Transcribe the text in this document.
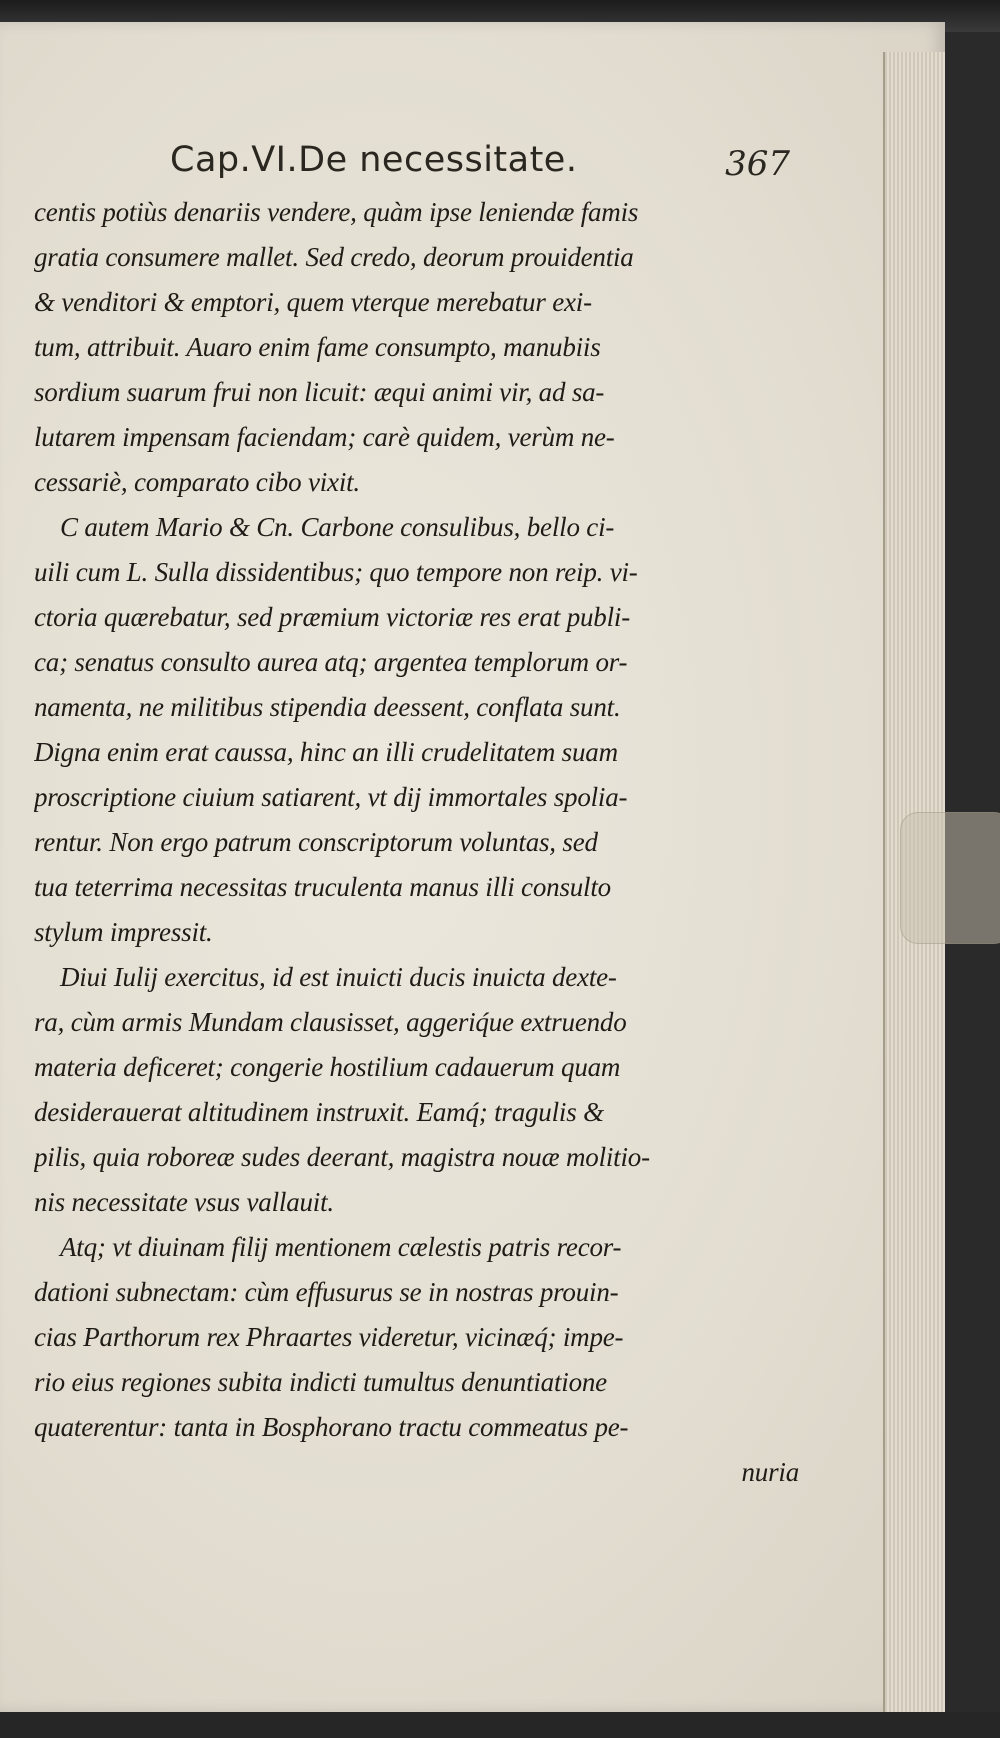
Cap.VI.De necessitate.	367
centis potiùs denariis vendere, quàm ipse leniendæ famis
gratia consumere mallet. Sed credo, deorum prouidentia
& venditori & emptori, quem vterque merebatur exi-
tum, attribuit. Auaro enim fame consumpto, manubiis
sordium suarum frui non licuit: æqui animi vir, ad sa-
lutarem impensam faciendam; carè quidem, verùm ne-
cessariè, comparato cibo vixit.
C autem Mario & Cn. Carbone consulibus, bello ci-
uili cum L. Sulla dissidentibus; quo tempore non reip. vi-
ctoria quærebatur, sed præmium victoriæ res erat publi-
ca; senatus consulto aurea atq; argentea templorum or-
namenta, ne militibus stipendia deessent, conflata sunt.
Digna enim erat caussa, hinc an illi crudelitatem suam
proscriptione ciuium satiarent, vt dij immortales spolia-
rentur. Non ergo patrum conscriptorum voluntas, sed
tua teterrima necessitas truculenta manus illi consulto
stylum impressit.
Diui Iulij exercitus, id est inuicti ducis inuicta dexte-
ra, cùm armis Mundam clausisset, aggeriq́ue extruendo
materia deficeret; congerie hostilium cadauerum quam
desiderauerat altitudinem instruxit. Eamq́; tragulis &
pilis, quia roboreæ sudes deerant, magistra nouæ molitio-
nis necessitate vsus vallauit.
Atq; vt diuinam filij mentionem cælestis patris recor-
dationi subnectam: cùm effusurus se in nostras prouin-
cias Parthorum rex Phraartes videretur, vicinæq́; impe-
rio eius regiones subita indicti tumultus denuntiatione
quaterentur: tanta in Bosphorano tractu commeatus pe-
nuria
